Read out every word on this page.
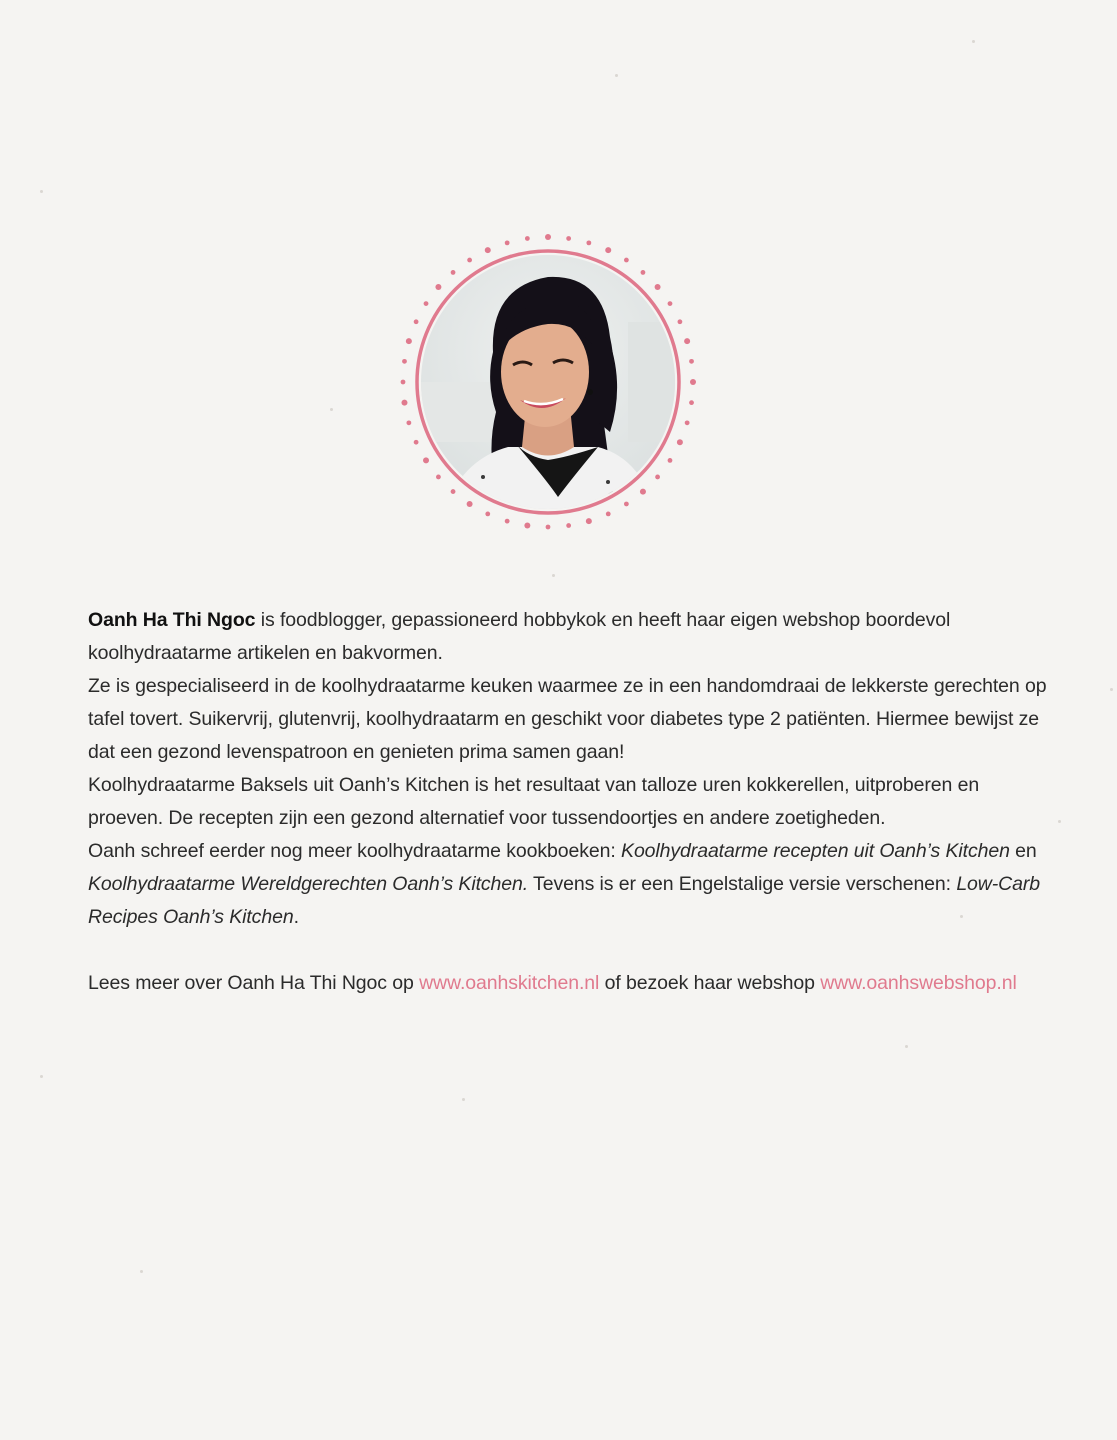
Oanh Ha Thi Ngoc is foodblogger, gepassioneerd hobbykok en heeft haar eigen webshop boordevol koolhydraatarme artikelen en bakvormen.

Ze is gespecialiseerd in de koolhydraatarme keuken waarmee ze in een handomdraai de lekkerste gerechten op tafel tovert. Suikervrij, glutenvrij, koolhydraatarm en geschikt voor diabetes type 2 patiënten. Hiermee bewijst ze dat een gezond levenspatroon en genieten prima samen gaan!

Koolhydraatarme Baksels uit Oanh’s Kitchen is het resultaat van talloze uren kokkerellen, uitproberen en proeven. De recepten zijn een gezond alternatief voor tussendoortjes en andere zoetigheden.

Oanh schreef eerder nog meer koolhydraatarme kookboeken: Koolhydraatarme recepten uit Oanh’s Kitchen en Koolhydraatarme Wereldgerechten Oanh’s Kitchen. Tevens is er een Engelstalige versie verschenen: Low-Carb Recipes Oanh’s Kitchen.

Lees meer over Oanh Ha Thi Ngoc op www.oanhskitchen.nl of bezoek haar webshop www.oanhswebshop.nl
